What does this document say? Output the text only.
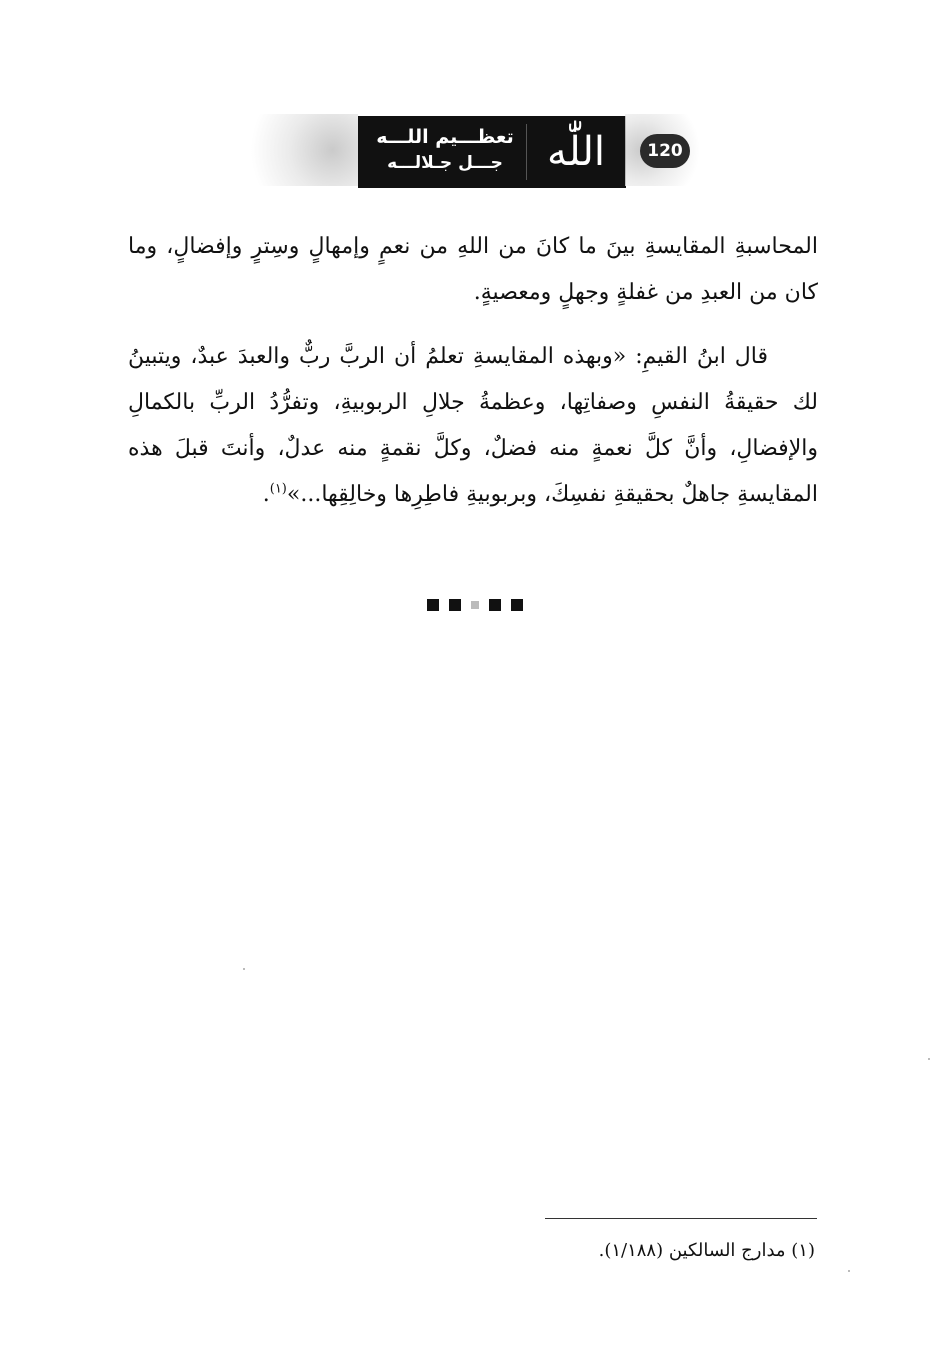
تعظـــيم اللـــه
جـــل جـلالـــه	اللّٰه جلّ
120

المحاسبةِ المقايسةِ بينَ ما كانَ من اللهِ من نعمٍ وإمهالٍ وسِترٍ وإفضالٍ، وما كان من العبدِ من غفلةٍ وجهلٍ ومعصيةٍ.

قال ابنُ القيمِ: «وبهذه المقايسةِ تعلمُ أن الربَّ ربٌّ والعبدَ عبدٌ، ويتبينُ لك حقيقةُ النفسِ وصفاتِها، وعظمةُ جلالِ الربوبيةِ، وتفرُّدُ الربِّ بالكمالِ والإفضالِ، وأنَّ كلَّ نعمةٍ منه فضلٌ، وكلَّ نقمةٍ منه عدلٌ، وأنتَ قبلَ هذه المقايسةِ جاهلٌ بحقيقةِ نفسِكَ، وبربوبيةِ فاطِرِها وخالِقِها...»$^{(١)}$.

(١) مدارج السالكين (١/١٨٨).
